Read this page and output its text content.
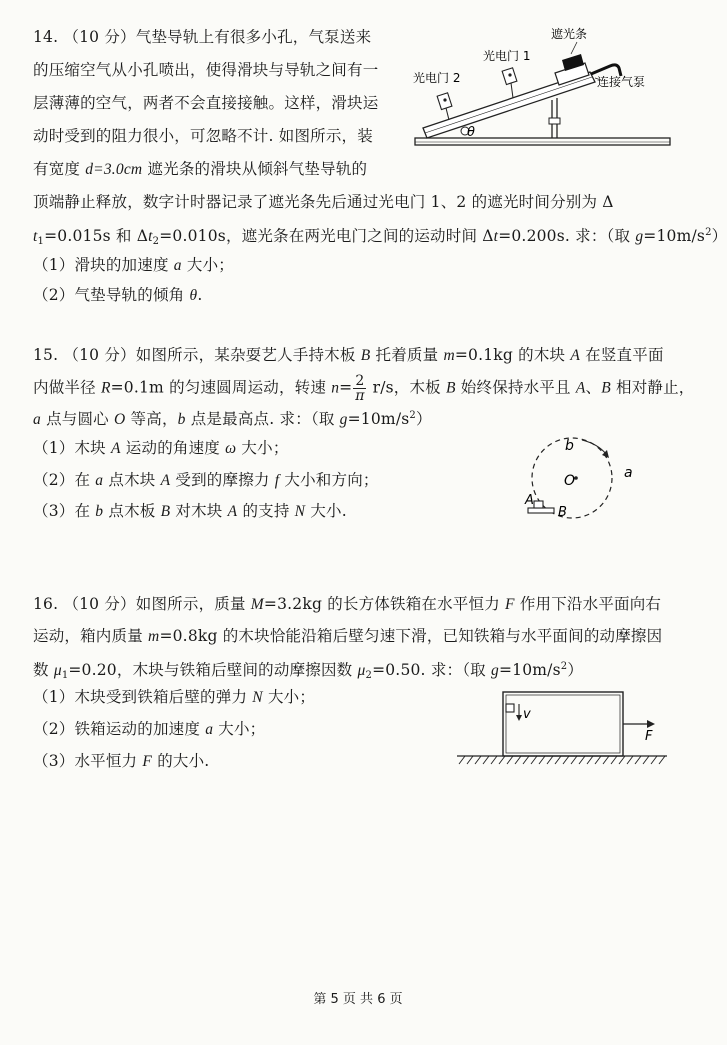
14. （10 分）气垫导轨上有很多小孔，气泵送来
的压缩空气从小孔喷出，使得滑块与导轨之间有一
层薄薄的空气，两者不会直接接触。这样，滑块运
动时受到的阻力很小，可忽略不计. 如图所示，装
有宽度 d=3.0cm 遮光条的滑块从倾斜气垫导轨的
顶端静止释放，数字计时器记录了遮光条先后通过光电门 1、2 的遮光时间分别为 Δ
$t_1=0.015s$ 和 $\Delta t_2=0.010s$，遮光条在两光电门之间的运动时间 Δt=0.200s. 求：（取 $g=10m/s^2$）
（1）滑块的加速度 a 大小；
（2）气垫导轨的倾角 θ.
θ
遮光条
光电门 1
光电门 2	连接气泵
15. （10 分）如图所示，某杂耍艺人手持木板 B 托着质量 m=0.1kg 的木块 A 在竖直平面
内做半径 R=0.1m 的匀速圆周运动，转速 $n= \frac{2}{\pi} r/s$，木板 B 始终保持水平且 A、B 相对静止，
a 点与圆心 O 等高，b 点是最高点. 求：（取 $g=10m/s^2$）
（1）木块 A 运动的角速度 ω 大小；
（2）在 a 点木块 A 受到的摩擦力 f 大小和方向；
（3）在 b 点木板 B 对木块 A 的支持 N 大小.
O
b
a
A
B
16. （10 分）如图所示，质量 M=3.2kg 的长方体铁箱在水平恒力 F 作用下沿水平面向右
运动，箱内质量 m=0.8kg 的木块恰能沿箱后壁匀速下滑，已知铁箱与水平面间的动摩擦因
数 $\mu_1=0.20$，木块与铁箱后壁间的动摩擦因数 $\mu_2=0.50$. 求：（取 $g=10m/s^2$）
（1）木块受到铁箱后壁的弹力 N 大小；
（2）铁箱运动的加速度 a 大小；
（3）水平恒力 F 的大小.
v
F
第 5 页 共 6 页
